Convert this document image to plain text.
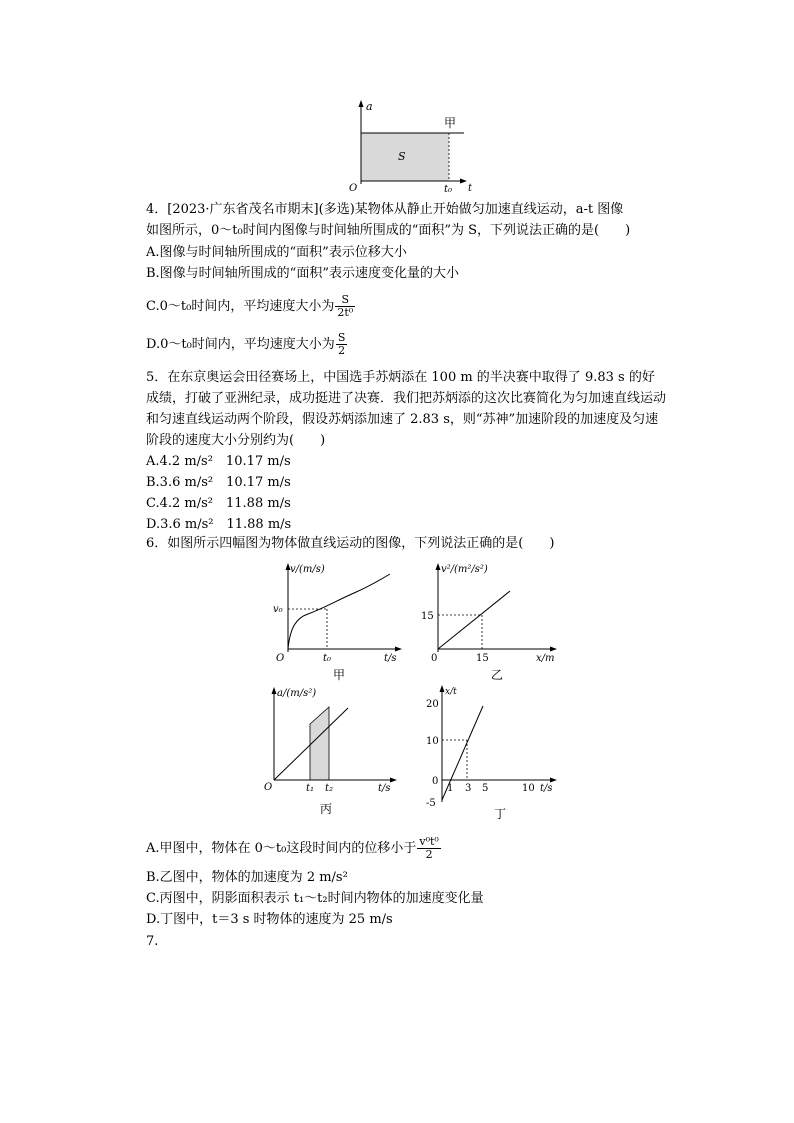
a
甲
S
O	t₀ t
4．[2023·广东省茂名市期末](多选)某物体从静止开始做匀加速直线运动，a-t 图像
如图所示，0～t₀时间内图像与时间轴所围成的“面积”为 S，下列说法正确的是(　　)
A.图像与时间轴所围成的“面积”表示位移大小
B.图像与时间轴所围成的“面积”表示速度变化量的大小
C.0～t₀时间内，平均速度大小为 $\frac{S}{\text{2t⁰}}$
D.0～t₀时间内，平均速度大小为 $\frac{S}{2}$
5．在东京奥运会田径赛场上，中国选手苏炳添在 100 m 的半决赛中取得了 9.83 s 的好
成绩，打破了亚洲纪录，成功挺进了决赛．我们把苏炳添的这次比赛简化为匀加速直线运动
和匀速直线运动两个阶段，假设苏炳添加速了 2.83 s，则“苏神”加速阶段的加速度及匀速
阶段的速度大小分别约为(　　)
A.4.2 m/s²　10.17 m/s
B.3.6 m/s²　10.17 m/s
C.4.2 m/s²　11.88 m/s
D.3.6 m/s²　11.88 m/s
6．如图所示四幅图为物体做直线运动的图像，下列说法正确的是(　　)
v/(m/s)
v₀
O	t₀	t/s
甲
v²/(m²/s²)
15
0	15	x/m
乙
a/(m/s²)
O	t₁ t₂	t/s
丙
x/t
20
10
0
-5
1 3 5	10 t/s
丁
A.甲图中，物体在 0～t₀这段时间内的位移小于 $\frac{\text{v⁰t⁰}}{2}$
B.乙图中，物体的加速度为 2 m/s²
C.丙图中，阴影面积表示 t₁～t₂时间内物体的加速度变化量
D.丁图中，t＝3 s 时物体的速度为 25 m/s
7.
